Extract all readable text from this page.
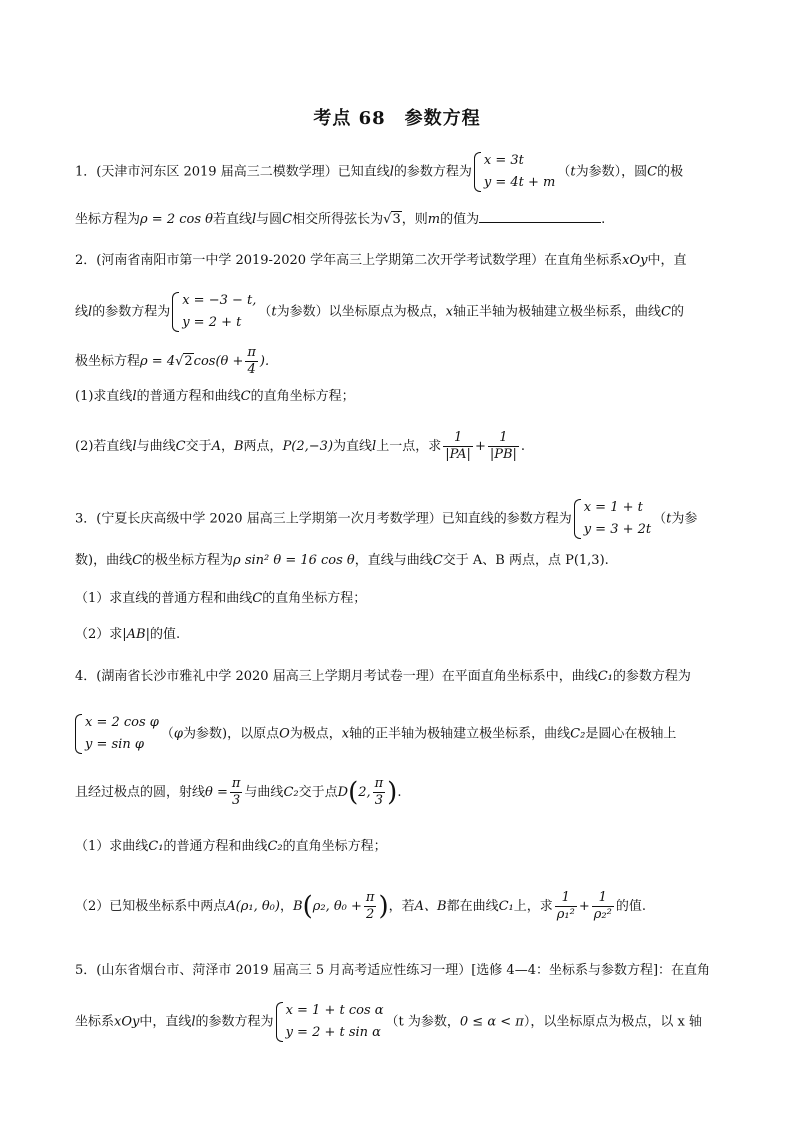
考点 68　参数方程
1．(天津市河东区 2019 届高三二模数学理）已知直线l的参数方程为
x = 3t
y = 4t + m
（t为参数），圆C的极
坐标方程为ρ = 2 cos θ若直线l与圆C相交所得弦长为√3，则m的值为	.
2．(河南省南阳市第一中学 2019-2020 学年高三上学期第二次开学考试数学理）在直角坐标系xOy中，直
线l的参数方程为
x = −3 − t,
y = 2 + t
（t为参数）以坐标原点为极点，x轴正半轴为极轴建立极坐标系，曲线C的
极坐标方程$\rho = 4√2\cos(\theta + \frac{\pi}{4}$ ).
(1)求直线l的普通方程和曲线C的直角坐标方程；
(2)若直线l与曲线C交于A，B两点，P(2,−3)为直线l上一点，求 $\frac{1}{|PA|} + \frac{1}{|PB|}$ .
3．(宁夏长庆高级中学 2020 届高三上学期第一次月考数学理）已知直线的参数方程为
x = 1 + t
y = 3 + 2t
（t为参
数)，曲线C的极坐标方程为ρ sin² θ = 16 cos θ，直线与曲线C交于 A、B 两点，点 P(1,3).
（1）求直线的普通方程和曲线C的直角坐标方程；
（2）求|AB|的值.
4．(湖南省长沙市雅礼中学 2020 届高三上学期月考试卷一理）在平面直角坐标系中，曲线C₁的参数方程为
x = 2 cos φ
y = sin φ
（φ为参数)，以原点O为极点，x轴的正半轴为极轴建立极坐标系，曲线C₂是圆心在极轴上
且经过极点的圆，射线$\theta = \frac{\pi}{3}$ 与曲线C₂交于点D(2, $\frac{\pi}{3}$ ).
（1）求曲线C₁的普通方程和曲线C₂的直角坐标方程；
（2）已知极坐标系中两点A(ρ₁, θ₀)，B(ρ₂, $\theta_0 + \frac{\pi}{2}$ )，若A、B都在曲线C₁上，求 $\frac{1}{\text{ρ₁²}} + \frac{1}{\text{ρ₂²}}$ 的值.
5．(山东省烟台市、菏泽市 2019 届高三 5 月高考适应性练习一理）[选修 4—4：坐标系与参数方程]：在直角
坐标系xOy中，直线l的参数方程为
x = 1 + t cos α
y = 2 + t sin α
（t 为参数，0 ≤ α < π），以坐标原点为极点，以 x 轴
